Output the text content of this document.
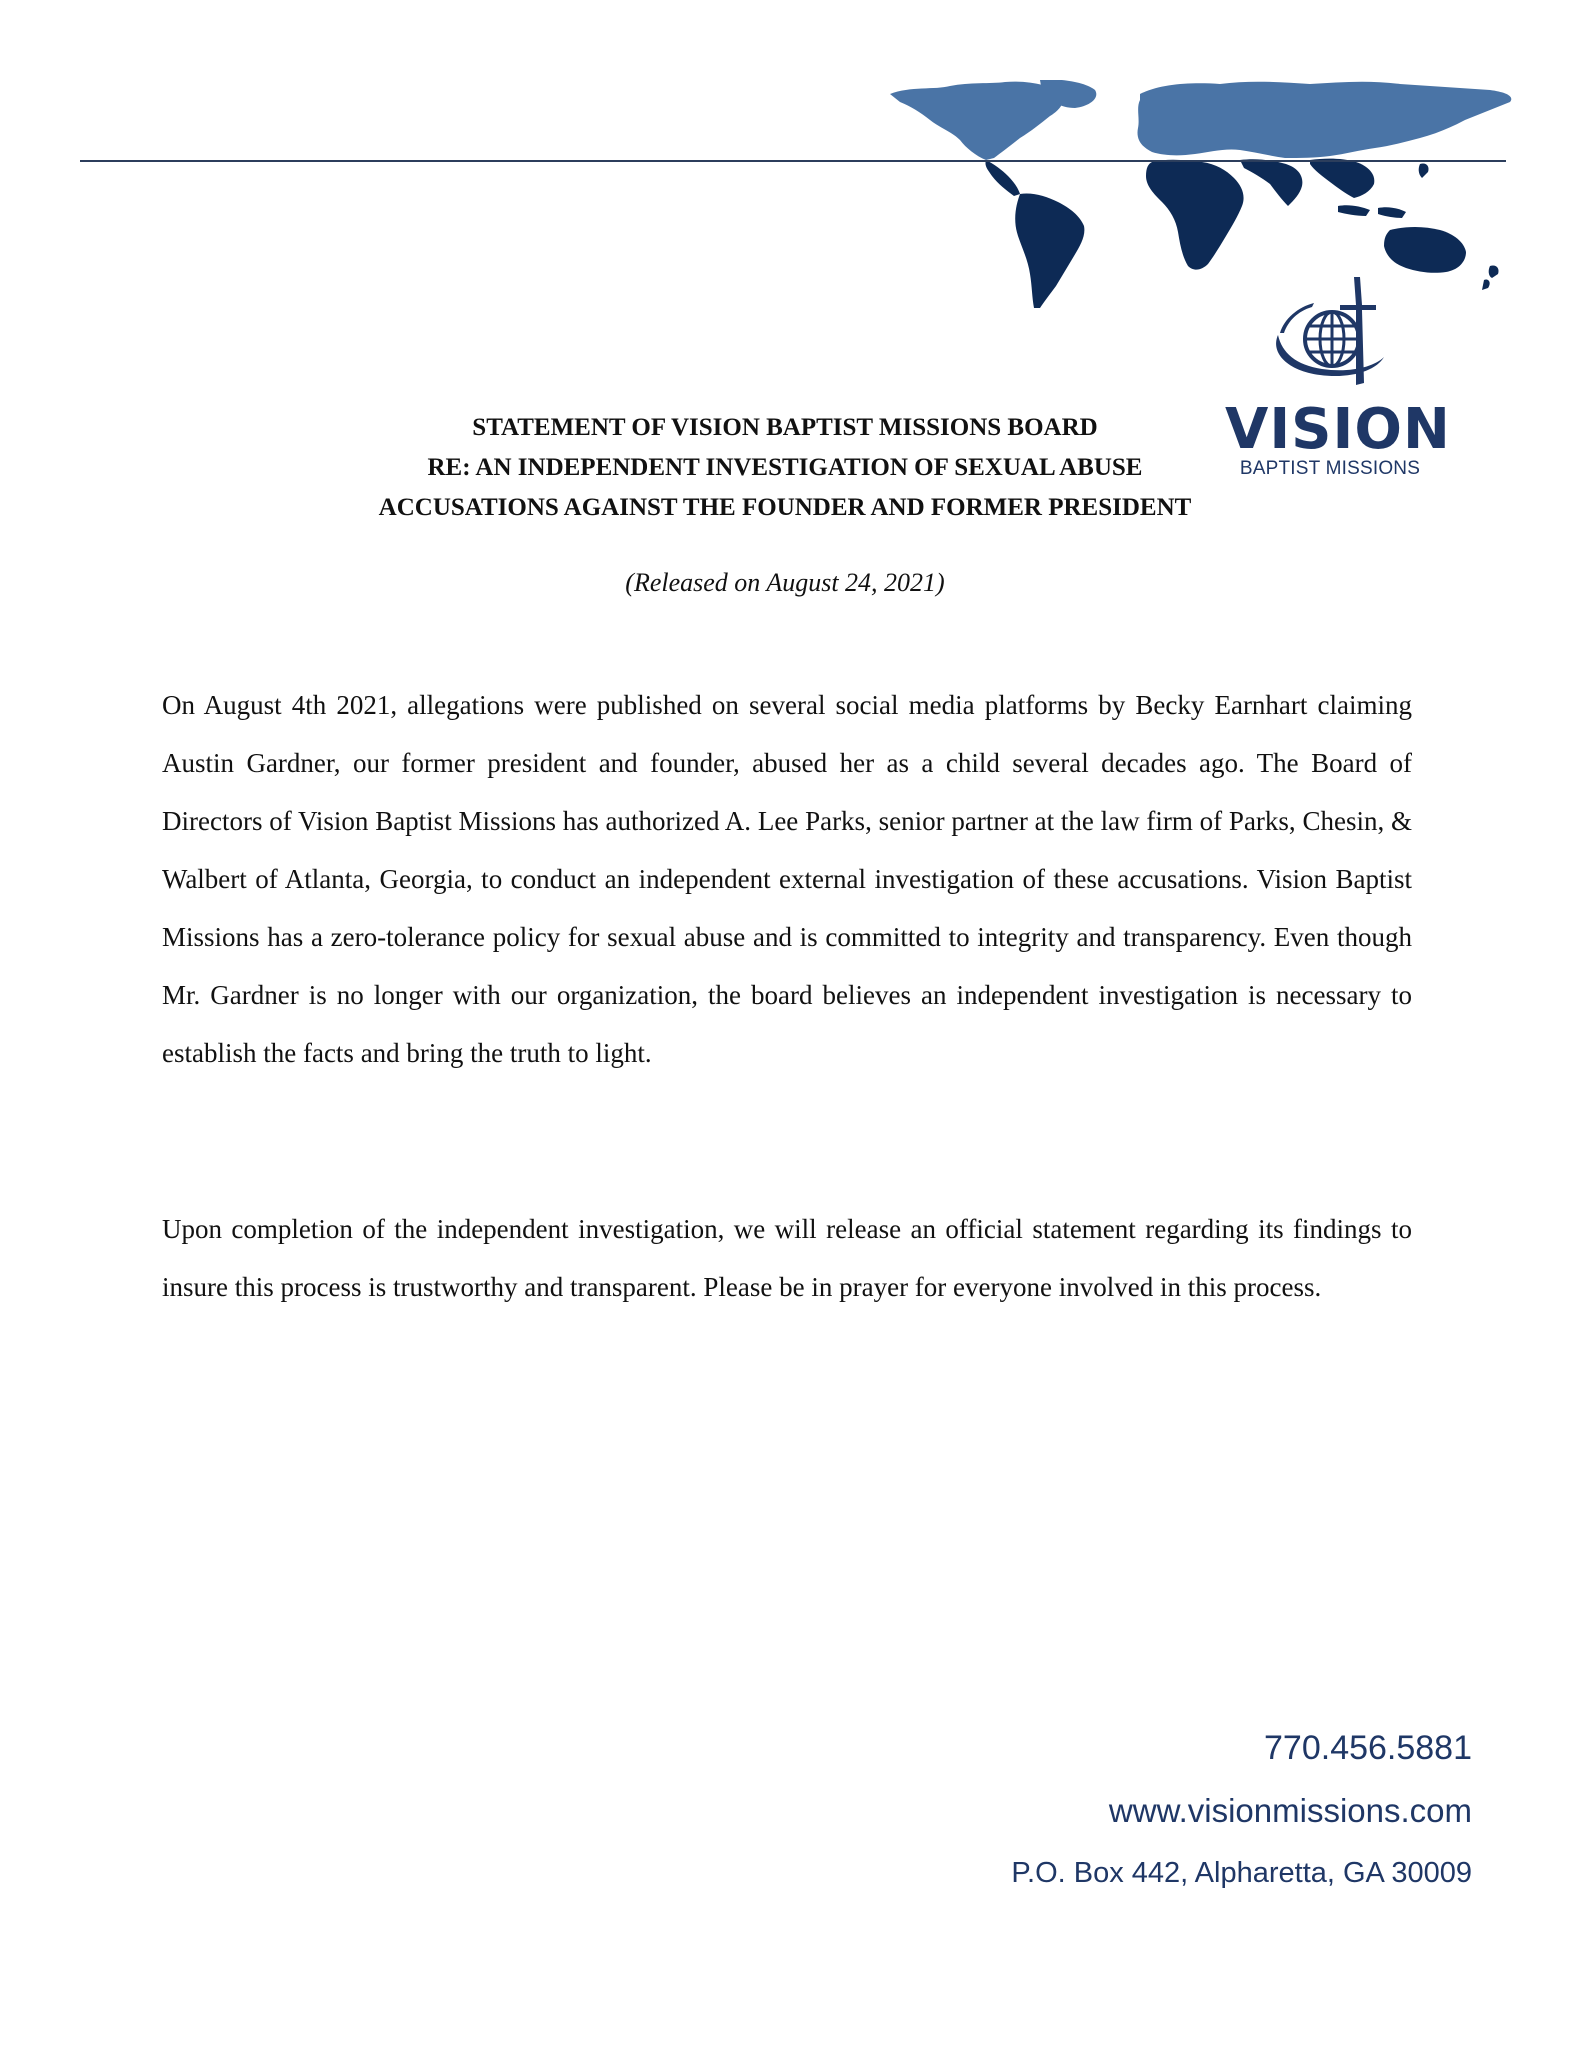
VISION
BAPTIST MISSIONS
STATEMENT OF VISION BAPTIST MISSIONS BOARD
RE: AN INDEPENDENT INVESTIGATION OF SEXUAL ABUSE
ACCUSATIONS AGAINST THE FOUNDER AND FORMER PRESIDENT
(Released on August 24, 2021)

On August 4th 2021, allegations were published on several social media platforms by Becky Earnhart claiming Austin Gardner, our former president and founder, abused her as a child several decades ago. The Board of Directors of Vision Baptist Missions has authorized A. Lee Parks, senior partner at the law firm of Parks, Chesin, & Walbert of Atlanta, Georgia, to conduct an independent external investigation of these accusations. Vision Baptist Missions has a zero-tolerance policy for sexual abuse and is committed to integrity and transparency. Even though Mr. Gardner is no longer with our organization, the board believes an independent investigation is necessary to establish the facts and bring the truth to light.

Upon completion of the independent investigation, we will release an official statement regarding its findings to insure this process is trustworthy and transparent. Please be in prayer for everyone involved in this process.

770.456.5881
www.visionmissions.com
P.O. Box 442, Alpharetta, GA 30009
